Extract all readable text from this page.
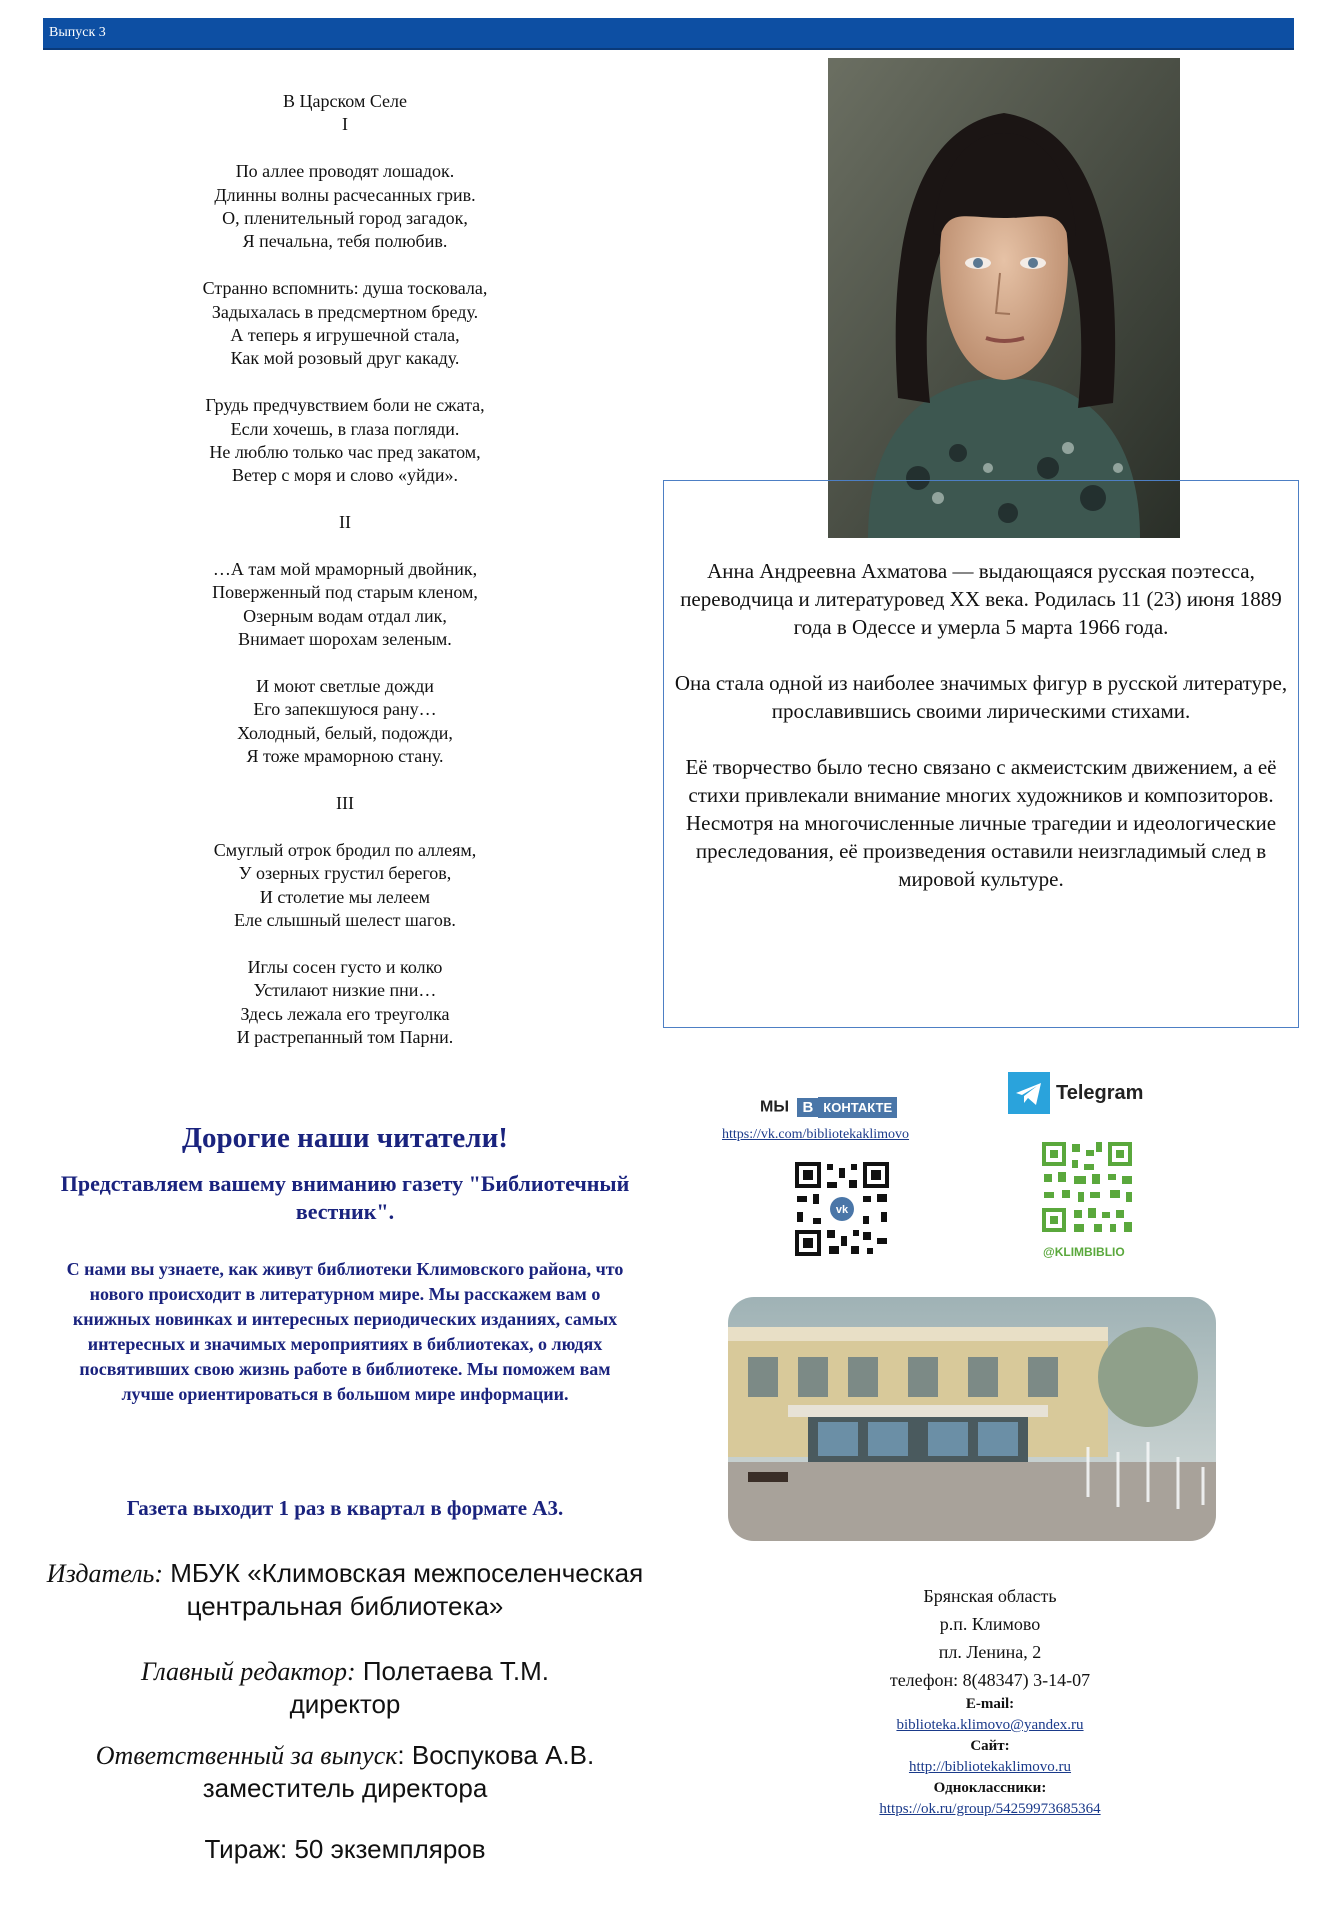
Выпуск 3
В Царском Селе
I
По аллее проводят лошадок.
Длинны волны расчесанных грив.
О, пленительный город загадок,
Я печальна, тебя полюбив.
Странно вспомнить: душа тосковала,
Задыхалась в предсмертном бреду.
А теперь я игрушечной стала,
Как мой розовый друг какаду.
Грудь предчувствием боли не сжата,
Если хочешь, в глаза погляди.
Не люблю только час пред закатом,
Ветер с моря и слово «уйди».
II
…А там мой мраморный двойник,
Поверженный под старым кленом,
Озерным водам отдал лик,
Внимает шорохам зеленым.
И моют светлые дожди
Его запекшуюся рану…
Холодный, белый, подожди,
Я тоже мраморною стану.
III
Смуглый отрок бродил по аллеям,
У озерных грустил берегов,
И столетие мы лелеем
Еле слышный шелест шагов.
Иглы сосен густо и колко
Устилают низкие пни…
Здесь лежала его треуголка
И растрепанный том Парни.

Анна Андреевна Ахматова — выдающаяся русская поэтесса, переводчица и литературовед XX века. Родилась 11 (23) июня 1889 года в Одессе и умерла 5 марта 1966 года.

Она стала одной из наиболее значимых фигур в русской литературе, прославившись своими лирическими стихами.

Её творчество было тесно связано с акмеистским движением, а её стихи привлекали внимание многих художников и композиторов. Несмотря на многочисленные личные трагедии и идеологические преследования, её произведения оставили неизгладимый след в мировой культуре.

МЫ В КОНТАКТЕ
https://vk.com/bibliotekaklimovo
vk
Telegram
@KLIMBIBLIO
Дорогие наши читатели!
Представляем вашему вниманию газету "Библиотечный вестник".
С нами вы узнаете, как живут библиотеки Климовского района, что нового происходит в литературном мире. Мы расскажем вам о книжных новинках и интересных периодических изданиях, самых интересных и значимых мероприятиях в библиотеках, о людях посвятивших свою жизнь работе в библиотеке. Мы поможем вам лучше ориентироваться в большом мире информации.
Газета выходит 1 раз в квартал в формате А3.
Издатель: МБУК «Климовская межпоселенческая центральная библиотека»
Главный редактор: Полетаева Т.М.
директор
Ответственный за выпуск: Воспукова А.В.
заместитель директора
Тираж: 50 экземпляров
Брянская область
р.п. Климово
пл. Ленина, 2
телефон: 8(48347) 3-14-07
E-mail:
biblioteka.klimovo@yandex.ru
Сайт:
http://bibliotekaklimovo.ru
Одноклассники:
https://ok.ru/group/54259973685364
